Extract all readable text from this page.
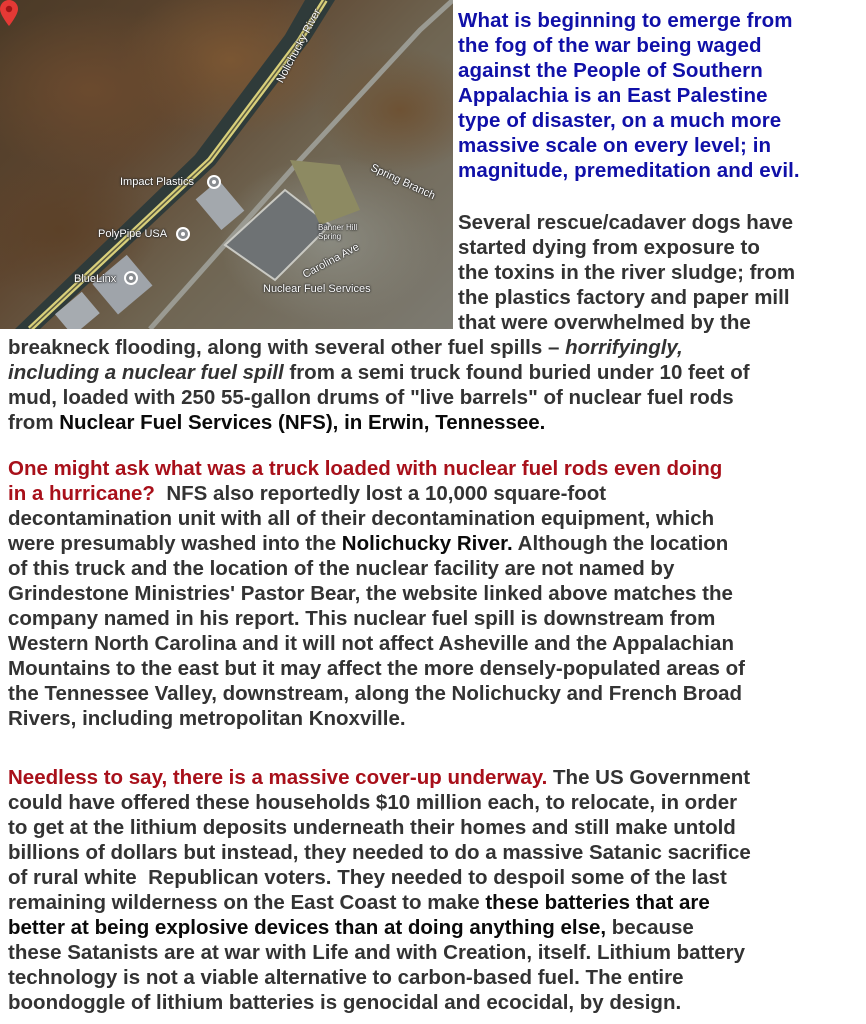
Nolichucky River
Impact Plastics
PolyPipe USA
BlueLinx
Spring Branch
Banner Hill Spring
Carolina Ave
Nuclear Fuel Services
What is beginning to emerge from
the fog of the war being waged
against the People of Southern
Appalachia is an East Palestine
type of disaster, on a much more
massive scale on every level; in
magnitude, premeditation and evil.
Several rescue/cadaver dogs have
started dying from exposure to
the toxins in the river sludge; from
the plastics factory and paper mill
that were overwhelmed by the
breakneck flooding, along with several other fuel spills – horrifyingly,
including a nuclear fuel spill from a semi truck found buried under 10 feet of
mud, loaded with 250 55-gallon drums of "live barrels" of nuclear fuel rods
from Nuclear Fuel Services (NFS), in Erwin, Tennessee.
One might ask what was a truck loaded with nuclear fuel rods even doing
in a hurricane?  NFS also reportedly lost a 10,000 square-foot
decontamination unit with all of their decontamination equipment, which
were presumably washed into the Nolichucky River. Although the location
of this truck and the location of the nuclear facility are not named by
Grindestone Ministries' Pastor Bear, the website linked above matches the
company named in his report. This nuclear fuel spill is downstream from
Western North Carolina and it will not affect Asheville and the Appalachian
Mountains to the east but it may affect the more densely-populated areas of
the Tennessee Valley, downstream, along the Nolichucky and French Broad
Rivers, including metropolitan Knoxville.
Needless to say, there is a massive cover-up underway. The US Government
could have offered these households $10 million each, to relocate, in order
to get at the lithium deposits underneath their homes and still make untold
billions of dollars but instead, they needed to do a massive Satanic sacrifice
of rural white  Republican voters. They needed to despoil some of the last
remaining wilderness on the East Coast to make these batteries that are
better at being explosive devices than at doing anything else, because
these Satanists are at war with Life and with Creation, itself. Lithium battery
technology is not a viable alternative to carbon-based fuel. The entire
boondoggle of lithium batteries is genocidal and ecocidal, by design.
